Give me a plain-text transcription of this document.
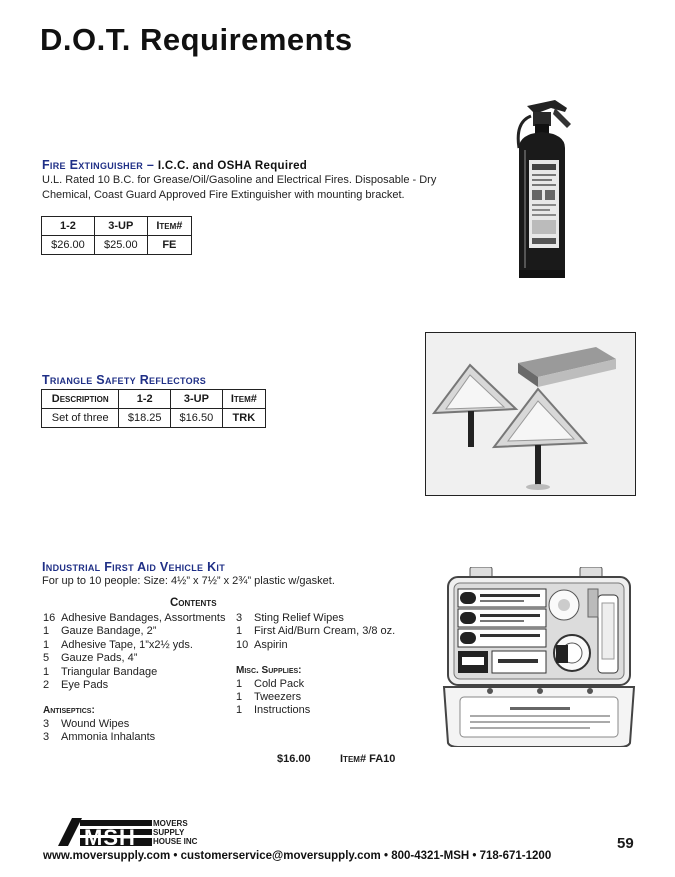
D.O.T. Requirements
Fire Extinguisher – I.C.C. and OSHA Required
U.L. Rated 10 B.C. for Grease/Oil/Gasoline and Electrical Fires. Disposable - Dry
Chemical, Coast Guard Approved Fire Extinguisher with mounting bracket.
1-2	3-UP	Item#
$26.00	$25.00	FE
Triangle Safety Reflectors
Description	1-2	3-UP	Item#
Set of three	$18.25	$16.50	TRK
Industrial First Aid Vehicle Kit
For up to 10 people: Size: 4½” x 7½” x 2¾” plastic w/gasket.
Contents
16 Adhesive Bandages, Assortments
1	Gauze Bandage, 2”
1	Adhesive Tape, 1”x2½ yds.
5	Gauze Pads, 4”
1	Triangular Bandage
2	Eye Pads
Antiseptics:
3	Wound Wipes
3	Ammonia Inhalants
3	Sting Relief Wipes
1	First Aid/Burn Cream, 3/8 oz.
10 Aspirin
Misc. Supplies:
1	Cold Pack
1	Tweezers
1	Instructions
$16.00	Item# FA10
MSH
MOVERS
SUPPLY
HOUSE INC
www.moversupply.com • customerservice@moversupply.com • 800-4321-MSH • 718-671-1200
59
